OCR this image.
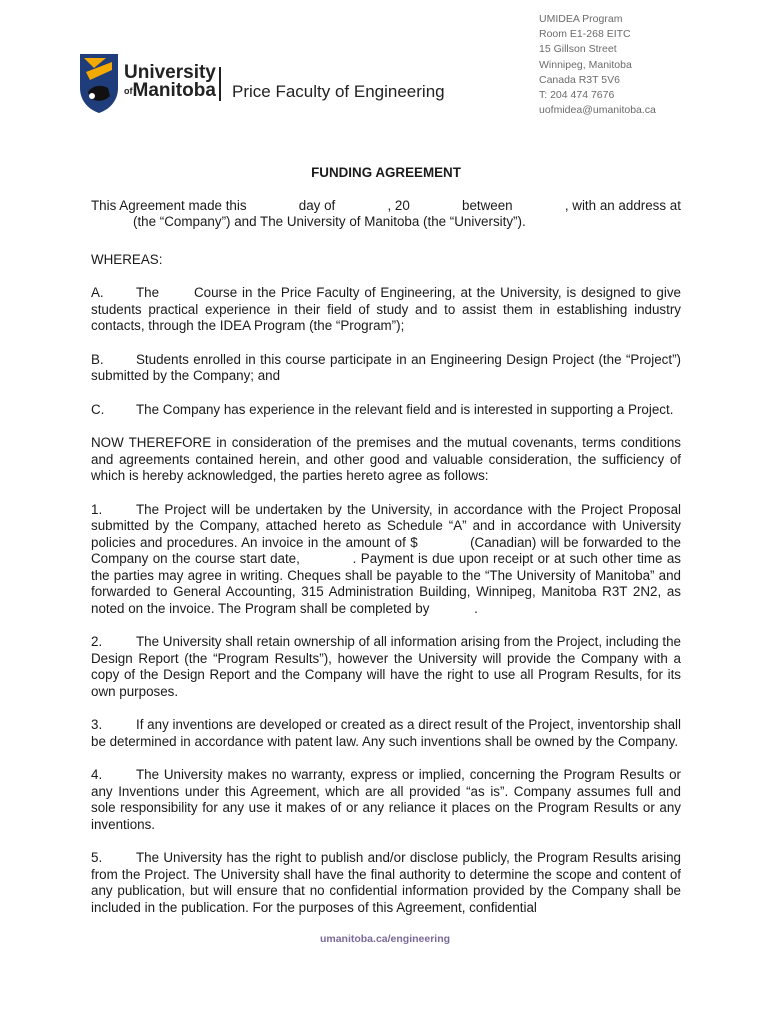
UMIDEA Program
Room E1-268 EITC
15 Gillson Street
Winnipeg, Manitoba
Canada R3T 5V6
T: 204 474 7676
uofmidea@umanitoba.ca
University
ofManitoba Price Faculty of Engineering
FUNDING AGREEMENT
This Agreement made this	day of	, 20	between	, with an address at
(the “Company”) and The University of Manitoba (the “University”).
WHEREAS:
A. The	Course in the Price Faculty of Engineering, at the University, is designed to give students practical experience in their field of study and to assist them in establishing industry contacts, through the IDEA Program (the “Program”);
B. Students enrolled in this course participate in an Engineering Design Project (the “Project”) submitted by the Company; and
C. The Company has experience in the relevant field and is interested in supporting a Project.
NOW THEREFORE in consideration of the premises and the mutual covenants, terms conditions and agreements contained herein, and other good and valuable consideration, the sufficiency of which is hereby acknowledged, the parties hereto agree as follows:
1.	The Project will be undertaken by the University, in accordance with the Project Proposal submitted by the Company, attached hereto as Schedule “A” and in accordance with University policies and procedures. An invoice in the amount of $            (Canadian) will be forwarded to the Company on the course start date,            . Payment is due upon receipt or at such other time as the parties may agree in writing. Cheques shall be payable to the “The University of Manitoba” and forwarded to General Accounting, 315 Administration Building, Winnipeg, Manitoba R3T 2N2, as noted on the invoice. The Program shall be completed by            .
2.	The University shall retain ownership of all information arising from the Project, including the Design Report (the “Program Results”), however the University will provide the Company with a copy of the Design Report and the Company will have the right to use all Program Results, for its own purposes.
3.	If any inventions are developed or created as a direct result of the Project, inventorship shall be determined in accordance with patent law. Any such inventions shall be owned by the Company.
4.	The University makes no warranty, express or implied, concerning the Program Results or any Inventions under this Agreement, which are all provided “as is”. Company assumes full and sole responsibility for any use it makes of or any reliance it places on the Program Results or any inventions.
5.	The University has the right to publish and/or disclose publicly, the Program Results arising from the Project. The University shall have the final authority to determine the scope and content of any publication, but will ensure that no confidential information provided by the Company shall be included in the publication. For the purposes of this Agreement, confidential
umanitoba.ca/engineering
